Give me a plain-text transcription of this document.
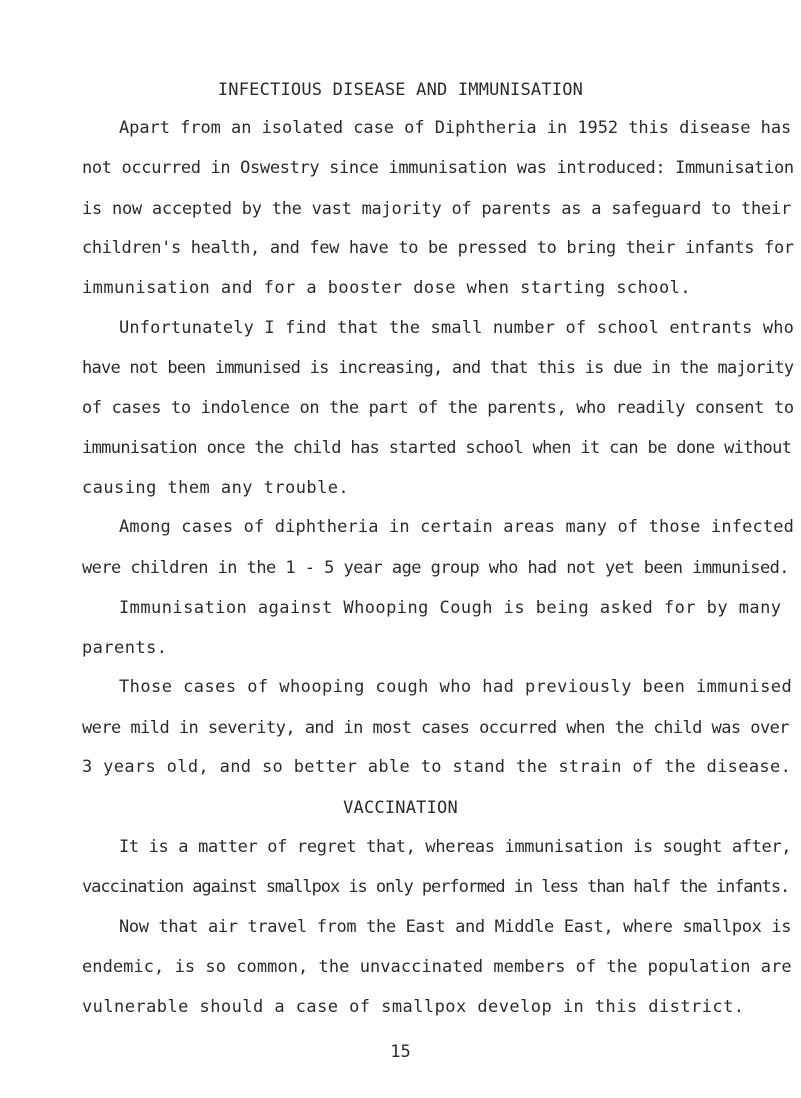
INFECTIOUS DISEASE AND IMMUNISATION
Apart from an isolated case of Diphtheria in 1952 this disease has
not occurred in Oswestry since immunisation was introduced: Immunisation
is now accepted by the vast majority of parents as a safeguard to their
children's health, and few have to be pressed to bring their infants for
immunisation and for a booster dose when starting school.
Unfortunately I find that the small number of school entrants who
have not been immunised is increasing, and that this is due in the majority
of cases to indolence on the part of the parents, who readily consent to
immunisation once the child has started school when it can be done without
causing them any trouble.
Among cases of diphtheria in certain areas many of those infected
were children in the 1 - 5 year age group who had not yet been immunised.
Immunisation against Whooping Cough is being asked for by many
parents.
Those cases of whooping cough who had previously been immunised
were mild in severity, and in most cases occurred when the child was over
3 years old, and so better able to stand the strain of the disease.
VACCINATION
It is a matter of regret that, whereas immunisation is sought after,
vaccination against smallpox is only performed in less than half the infants.
Now that air travel from the East and Middle East, where smallpox is
endemic, is so common, the unvaccinated members of the population are
vulnerable should a case of smallpox develop in this district.
15
